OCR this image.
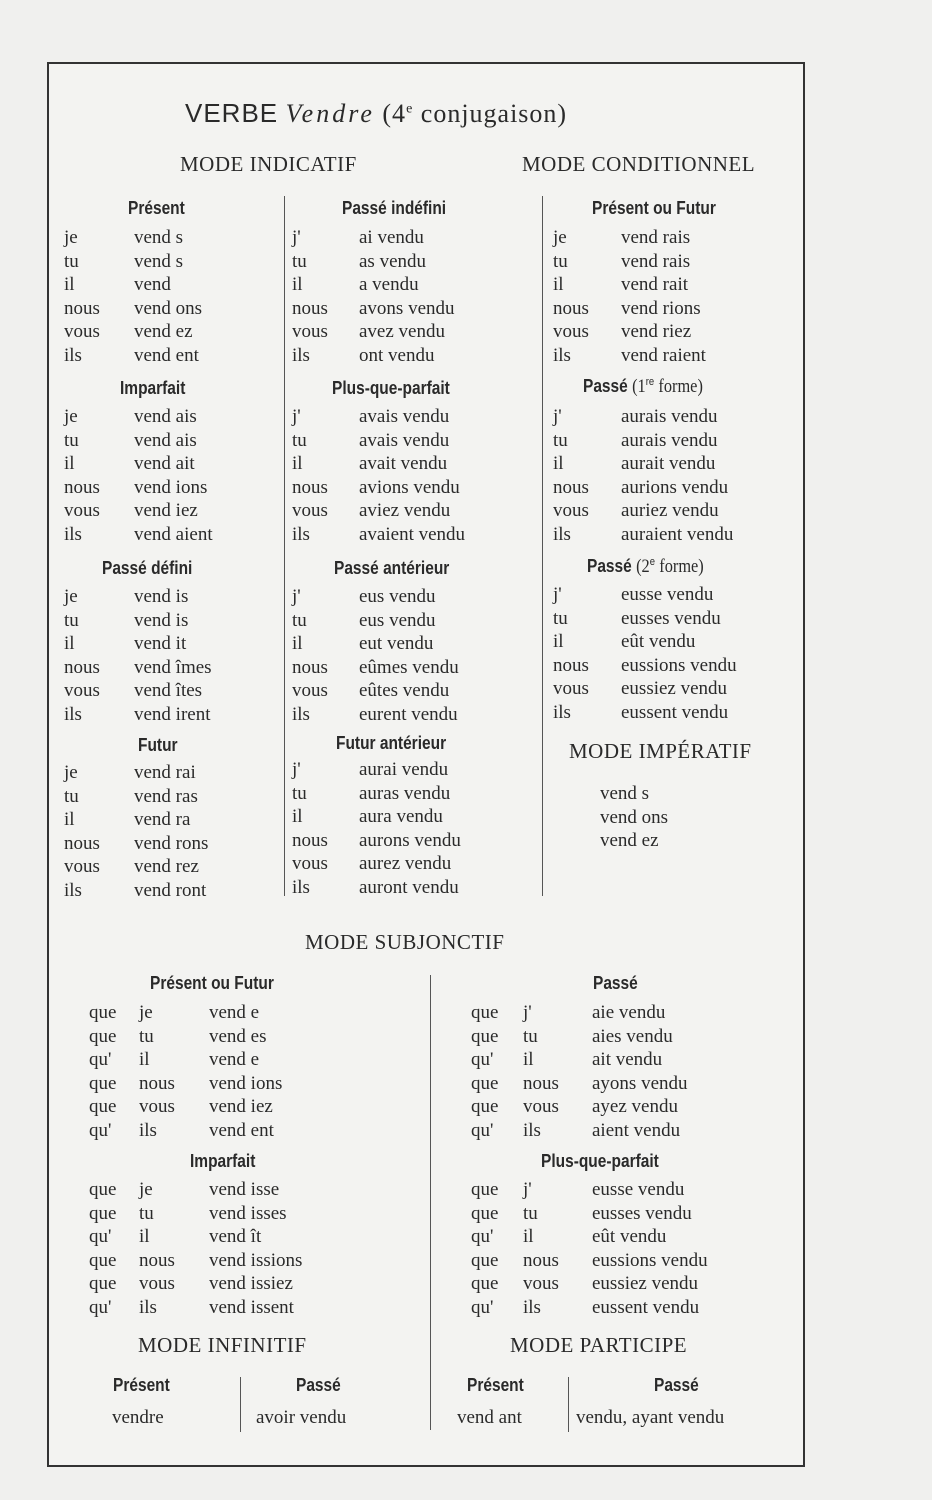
VERBE Vendre (4e conjugaison)
MODE INDICATIF	MODE CONDITIONNEL
Présent
je	vend s
tu	vend s
il	vend
nous vend ons
vous vend ez
ils	vend ent
Imparfait
je	vend ais
tu	vend ais
il	vend ait
nous vend ions
vous vend iez
ils	vend aient
Passé défini
je	vend is
tu	vend is
il	vend it
nous vend îmes
vous vend îtes
ils	vend irent
Futur
je	vend rai
tu	vend ras
il	vend ra
nous vend rons
vous vend rez
ils	vend ront
Passé indéfini
j'	ai vendu
tu	as vendu
il	a vendu
nous avons vendu
vous avez vendu
ils	ont vendu
Plus-que-parfait
j'	avais vendu
tu	avais vendu
il	avait vendu
nous avions vendu
vous aviez vendu
ils	avaient vendu
Passé antérieur
j'	eus vendu
tu	eus vendu
il	eut vendu
nous eûmes vendu
vous eûtes vendu
ils	eurent vendu
Futur antérieur
j'	aurai vendu
tu	auras vendu
il	aura vendu
nous aurons vendu
vous aurez vendu
ils	auront vendu
Présent ou Futur
je	vend rais
tu	vend rais
il	vend rait
nous vend rions
vous vend riez
ils	vend raient
Passé (1re forme)
j'	aurais vendu
tu	aurais vendu
il	aurait vendu
nous aurions vendu
vous auriez vendu
ils	auraient vendu
Passé (2e forme)
j'	eusse vendu
tu	eusses vendu
il	eût vendu
nous eussions vendu
vous eussiez vendu
ils	eussent vendu
MODE IMPÉRATIF
vend s
vend ons
vend ez
MODE SUBJONCTIF
Présent ou Futur
que je	vend e
que tu	vend es
qu' il	vend e
que nous vend ions
que vous vend iez
qu' ils	vend ent
Imparfait
que je	vend isse
que tu	vend isses
qu' il	vend ît
que nous vend issions
que vous vend issiez
qu' ils	vend issent
Passé
que j'	aie vendu
que tu	aies vendu
qu' il	ait vendu
que nous ayons vendu
que vous ayez vendu
qu' ils	aient vendu
Plus-que-parfait
que j'	eusse vendu
que tu	eusses vendu
qu' il	eût vendu
que nous eussions vendu
que vous eussiez vendu
qu' ils	eussent vendu
MODE INFINITIF	MODE PARTICIPE
Présent	Passé
vendre	avoir vendu
Présent	Passé
vend ant	vendu, ayant vendu
